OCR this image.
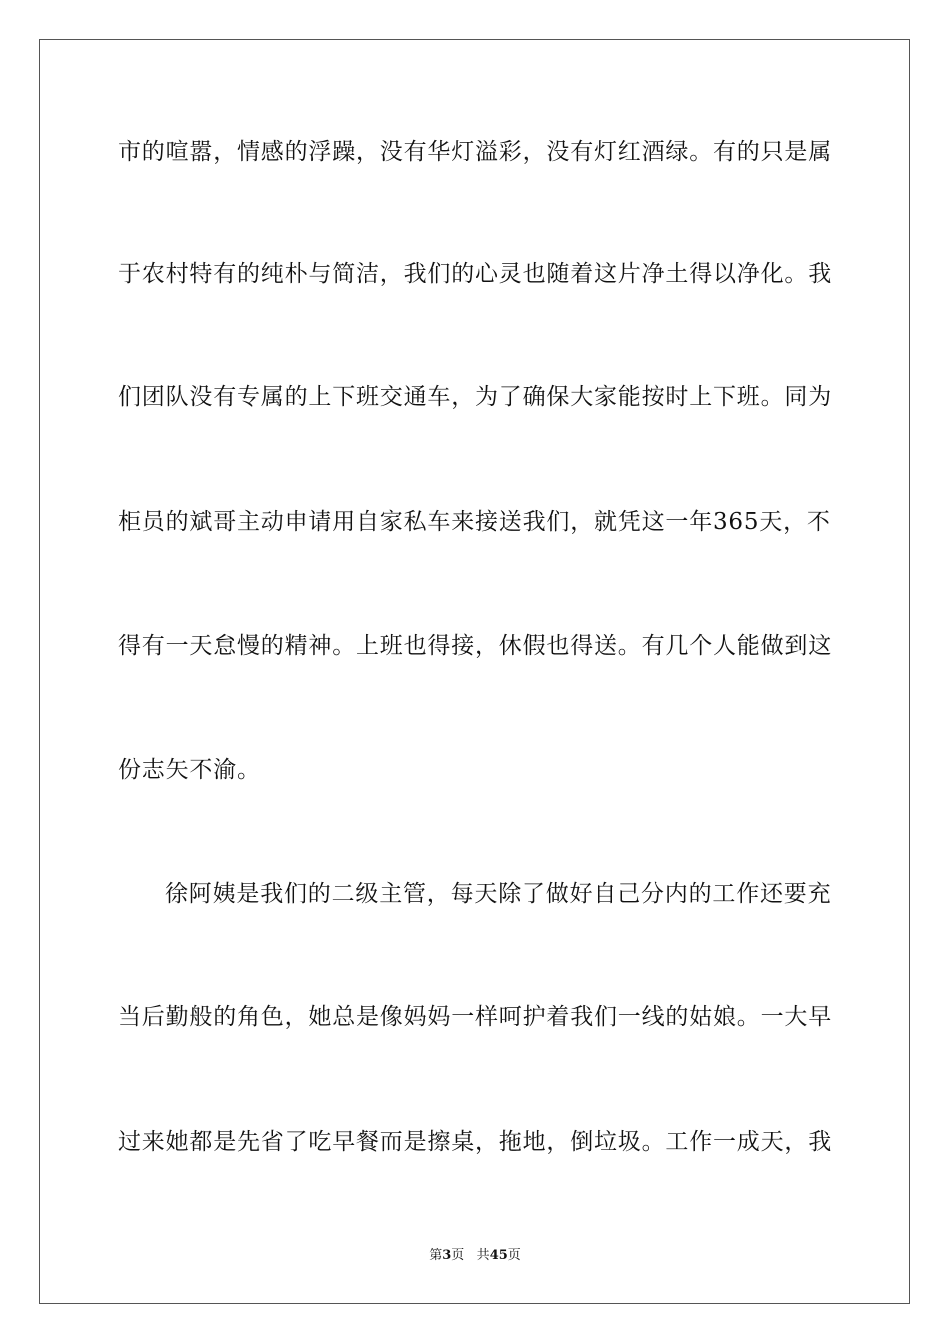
市的喧嚣，情感的浮躁，没有华灯溢彩，没有灯红酒绿。有的只是属
于农村特有的纯朴与简洁，我们的心灵也随着这片净土得以净化。我
们团队没有专属的上下班交通车，为了确保大家能按时上下班。同为
柜员的斌哥主动申请用自家私车来接送我们，就凭这一年365天，不
得有一天怠慢的精神。上班也得接，休假也得送。有几个人能做到这
份志矢不渝。
徐阿姨是我们的二级主管，每天除了做好自己分内的工作还要充
当后勤般的角色，她总是像妈妈一样呵护着我们一线的姑娘。一大早
过来她都是先省了吃早餐而是擦桌，拖地，倒垃圾。工作一成天，我
第3页 共45页
